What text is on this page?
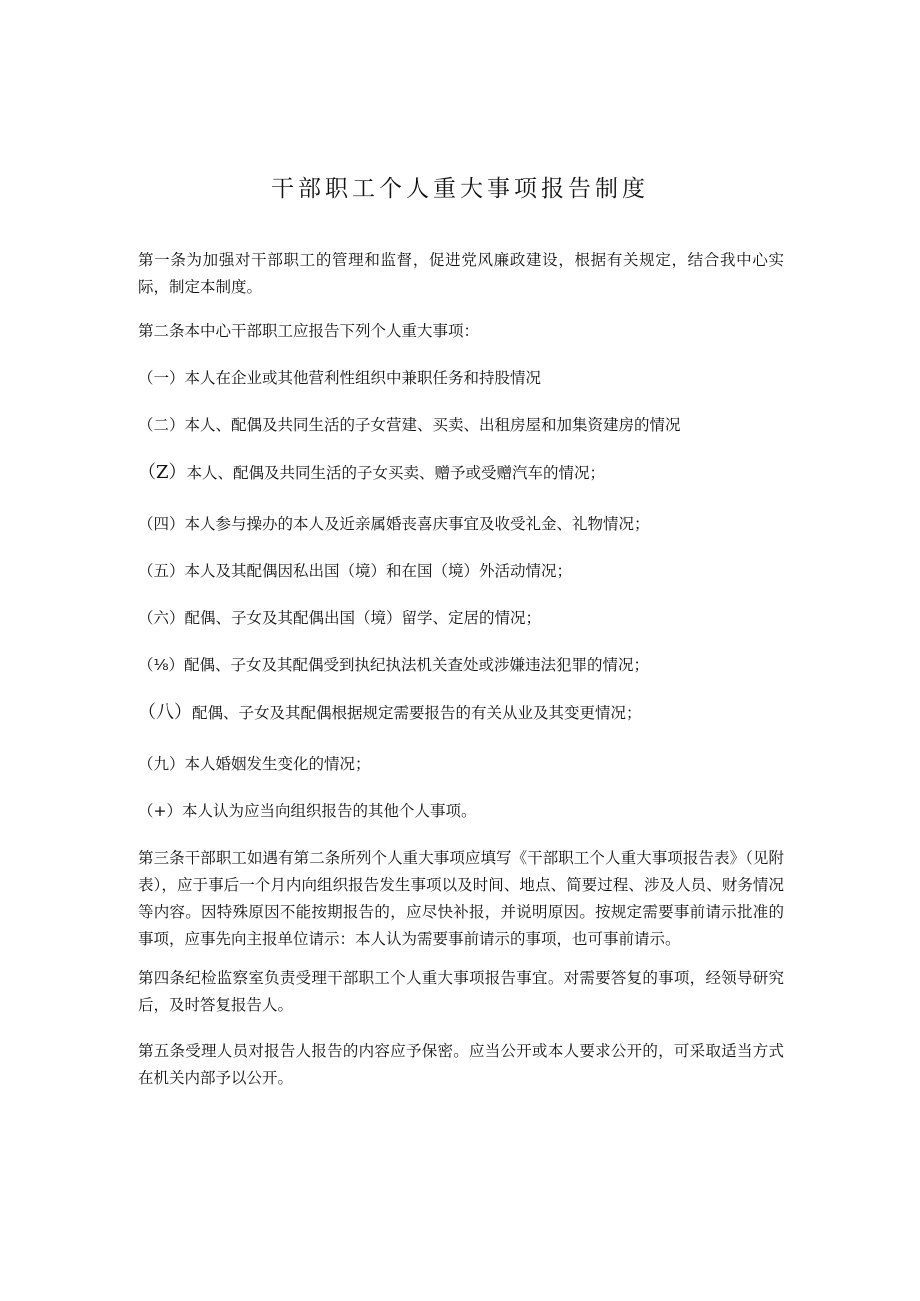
干部职工个人重大事项报告制度

第一条为加强对干部职工的管理和监督，促进党风廉政建设，根据有关规定，结合我中心实际，制定本制度。

第二条本中心干部职工应报告下列个人重大事项：

（一）本人在企业或其他营利性组织中兼职任务和持股情况

（二）本人、配偶及共同生活的子女营建、买卖、出租房屋和加集资建房的情况

（Z）本人、配偶及共同生活的子女买卖、赠予或受赠汽车的情况；

（四）本人参与操办的本人及近亲属婚丧喜庆事宜及收受礼金、礼物情况；

（五）本人及其配偶因私出国（境）和在国（境）外活动情况；

（六）配偶、子女及其配偶出国（境）留学、定居的情况；

（⅛）配偶、子女及其配偶受到执纪执法机关查处或涉嫌违法犯罪的情况；

（八）配偶、子女及其配偶根据规定需要报告的有关从业及其变更情况；

（九）本人婚姻发生变化的情况；

（+）本人认为应当向组织报告的其他个人事项。

第三条干部职工如遇有第二条所列个人重大事项应填写《干部职工个人重大事项报告表》（见附表），应于事后一个月内向组织报告发生事项以及时间、地点、简要过程、涉及人员、财务情况等内容。因特殊原因不能按期报告的，应尽快补报，并说明原因。按规定需要事前请示批准的事项，应事先向主报单位请示：本人认为需要事前请示的事项，也可事前请示。

第四条纪检监察室负责受理干部职工个人重大事项报告事宜。对需要答复的事项，经领导研究后，及时答复报告人。

第五条受理人员对报告人报告的内容应予保密。应当公开或本人要求公开的，可采取适当方式在机关内部予以公开。
